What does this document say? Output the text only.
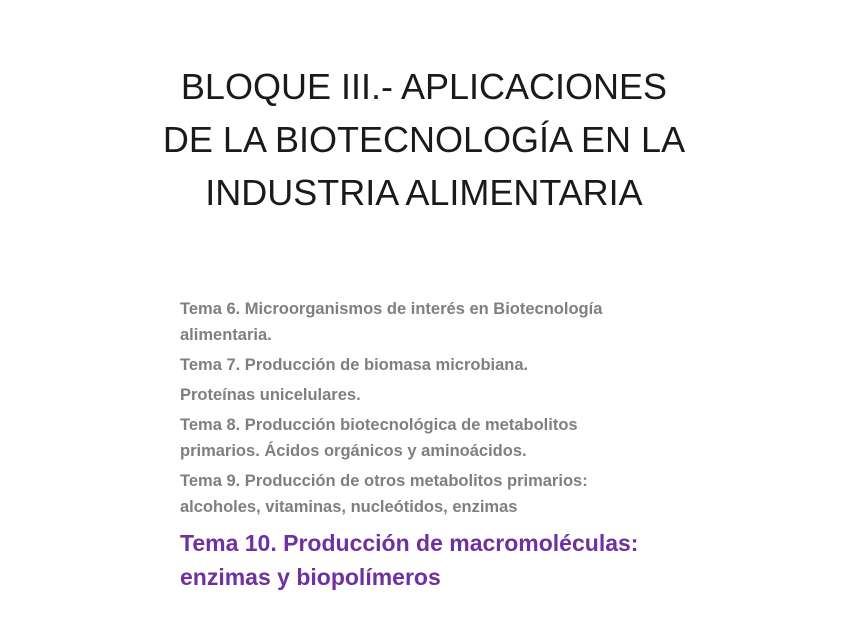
BLOQUE III.- APLICACIONES
DE LA BIOTECNOLOGÍA EN LA
INDUSTRIA ALIMENTARIA
Tema 6. Microorganismos de interés en Biotecnología
alimentaria.
Tema 7. Producción de biomasa microbiana.
Proteínas unicelulares.
Tema 8. Producción biotecnológica de metabolitos
primarios. Ácidos orgánicos y aminoácidos.
Tema 9. Producción de otros metabolitos primarios:
alcoholes, vitaminas, nucleótidos, enzimas
Tema 10. Producción de macromoléculas:
enzimas y biopolímeros
